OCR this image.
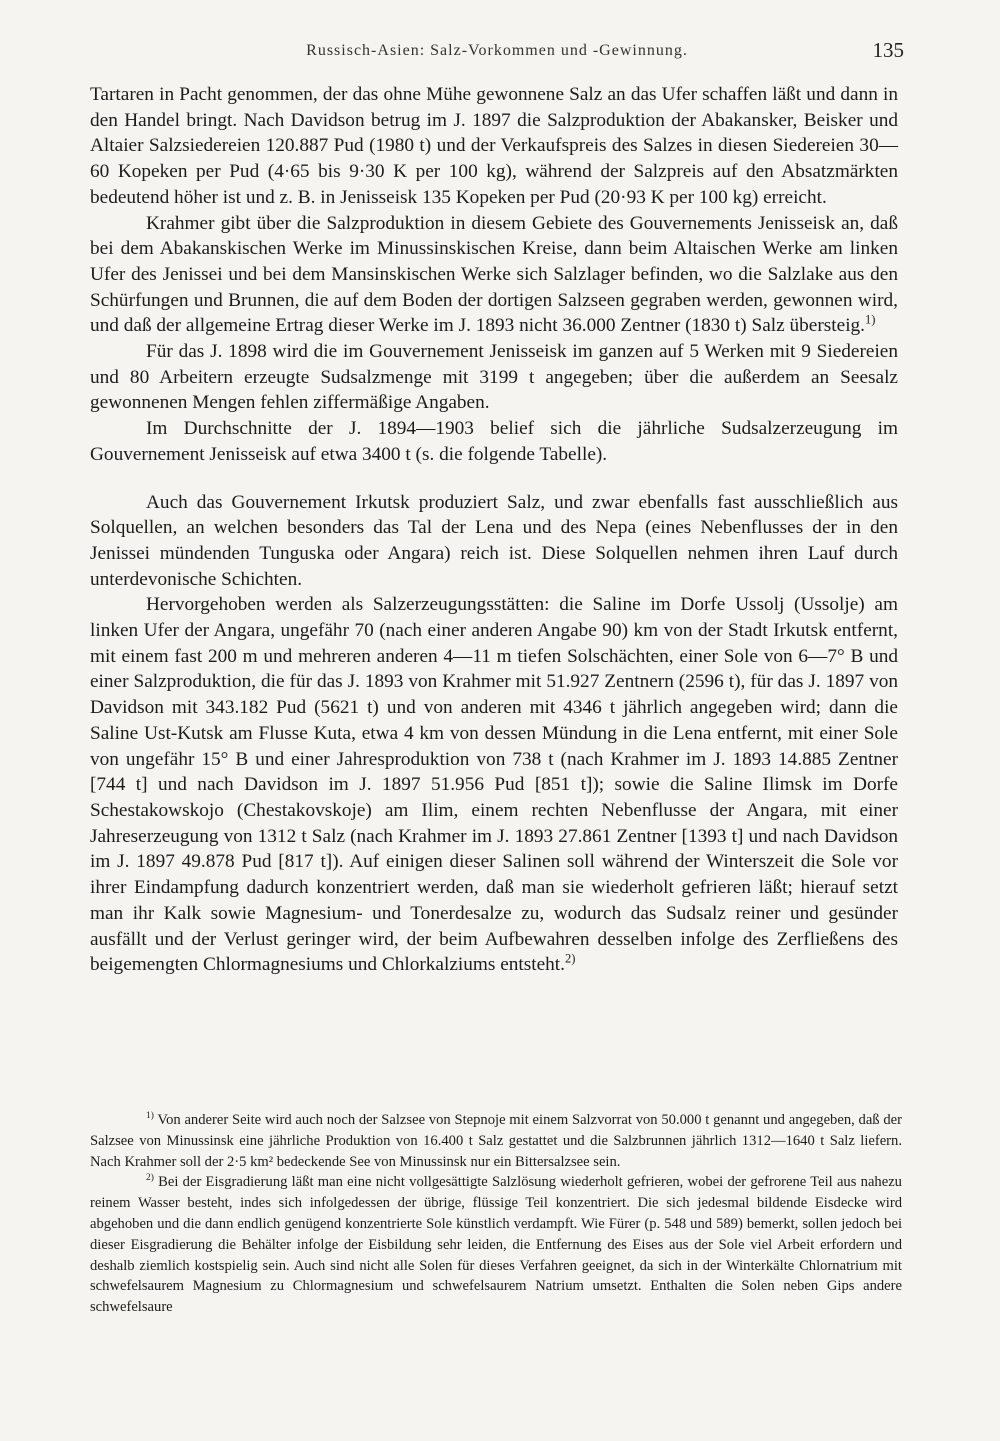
Russisch-Asien: Salz-Vorkommen und -Gewinnung.	135

Tartaren in Pacht genommen, der das ohne Mühe gewonnene Salz an das Ufer schaffen läßt und dann in den Handel bringt. Nach Davidson betrug im J. 1897 die Salzproduktion der Abakansker, Beisker und Altaier Salzsiedereien 120.887 Pud (1980 t) und der Verkaufspreis des Salzes in diesen Siedereien 30—60 Kopeken per Pud (4·65 bis 9·30 K per 100 kg), während der Salzpreis auf den Absatzmärkten bedeutend höher ist und z. B. in Jenisseisk 135 Kopeken per Pud (20·93 K per 100 kg) erreicht.

Krahmer gibt über die Salzproduktion in diesem Gebiete des Gouvernements Jenisseisk an, daß bei dem Abakanskischen Werke im Minussinskischen Kreise, dann beim Altaischen Werke am linken Ufer des Jenissei und bei dem Mansinskischen Werke sich Salzlager befinden, wo die Salzlake aus den Schürfungen und Brunnen, die auf dem Boden der dortigen Salzseen gegraben werden, gewonnen wird, und daß der allgemeine Ertrag dieser Werke im J. 1893 nicht 36.000 Zentner (1830 t) Salz übersteig.$^{1)}$

Für das J. 1898 wird die im Gouvernement Jenisseisk im ganzen auf 5 Werken mit 9 Siedereien und 80 Arbeitern erzeugte Sudsalzmenge mit 3199 t angegeben; über die außerdem an Seesalz gewonnenen Mengen fehlen ziffermäßige Angaben.

Im Durchschnitte der J. 1894—1903 belief sich die jährliche Sudsalzerzeugung im Gouvernement Jenisseisk auf etwa 3400 t (s. die folgende Tabelle).

Auch das Gouvernement Irkutsk produziert Salz, und zwar ebenfalls fast ausschließlich aus Solquellen, an welchen besonders das Tal der Lena und des Nepa (eines Nebenflusses der in den Jenissei mündenden Tunguska oder Angara) reich ist. Diese Solquellen nehmen ihren Lauf durch unterdevonische Schichten.

Hervorgehoben werden als Salzerzeugungsstätten: die Saline im Dorfe Ussolj (Ussolje) am linken Ufer der Angara, ungefähr 70 (nach einer anderen Angabe 90) km von der Stadt Irkutsk entfernt, mit einem fast 200 m und mehreren anderen 4—11 m tiefen Solschächten, einer Sole von 6—7° B und einer Salzproduktion, die für das J. 1893 von Krahmer mit 51.927 Zentnern (2596 t), für das J. 1897 von Davidson mit 343.182 Pud (5621 t) und von anderen mit 4346 t jährlich angegeben wird; dann die Saline Ust-Kutsk am Flusse Kuta, etwa 4 km von dessen Mündung in die Lena entfernt, mit einer Sole von ungefähr 15° B und einer Jahresproduktion von 738 t (nach Krahmer im J. 1893 14.885 Zentner [744 t] und nach Davidson im J. 1897 51.956 Pud [851 t]); sowie die Saline Ilimsk im Dorfe Schestakowskojo (Chestakovskoje) am Ilim, einem rechten Nebenflusse der Angara, mit einer Jahreserzeugung von 1312 t Salz (nach Krahmer im J. 1893 27.861 Zentner [1393 t] und nach Davidson im J. 1897 49.878 Pud [817 t]). Auf einigen dieser Salinen soll während der Winterszeit die Sole vor ihrer Eindampfung dadurch konzentriert werden, daß man sie wiederholt gefrieren läßt; hierauf setzt man ihr Kalk sowie Magnesium- und Tonerdesalze zu, wodurch das Sudsalz reiner und gesünder ausfällt und der Verlust geringer wird, der beim Aufbewahren desselben infolge des Zerfließens des beigemengten Chlormagnesiums und Chlorkalziums entsteht.$^{2)}$

$^{1)}$ Von anderer Seite wird auch noch der Salzsee von Stepnoje mit einem Salzvorrat von 50.000 t genannt und angegeben, daß der Salzsee von Minussinsk eine jährliche Produktion von 16.400 t Salz gestattet und die Salzbrunnen jährlich 1312—1640 t Salz liefern. Nach Krahmer soll der 2·5 km² bedeckende See von Minussinsk nur ein Bittersalzsee sein.

$^{2)}$ Bei der Eisgradierung läßt man eine nicht vollgesättigte Salzlösung wiederholt gefrieren, wobei der gefrorene Teil aus nahezu reinem Wasser besteht, indes sich infolgedessen der übrige, flüssige Teil konzentriert. Die sich jedesmal bildende Eisdecke wird abgehoben und die dann endlich genügend konzentrierte Sole künstlich verdampft. Wie Fürer (p. 548 und 589) bemerkt, sollen jedoch bei dieser Eisgradierung die Behälter infolge der Eisbildung sehr leiden, die Entfernung des Eises aus der Sole viel Arbeit erfordern und deshalb ziemlich kostspielig sein. Auch sind nicht alle Solen für dieses Verfahren geeignet, da sich in der Winterkälte Chlornatrium mit schwefelsaurem Magnesium zu Chlormagnesium und schwefelsaurem Natrium umsetzt. Enthalten die Solen neben Gips andere schwefelsaure
